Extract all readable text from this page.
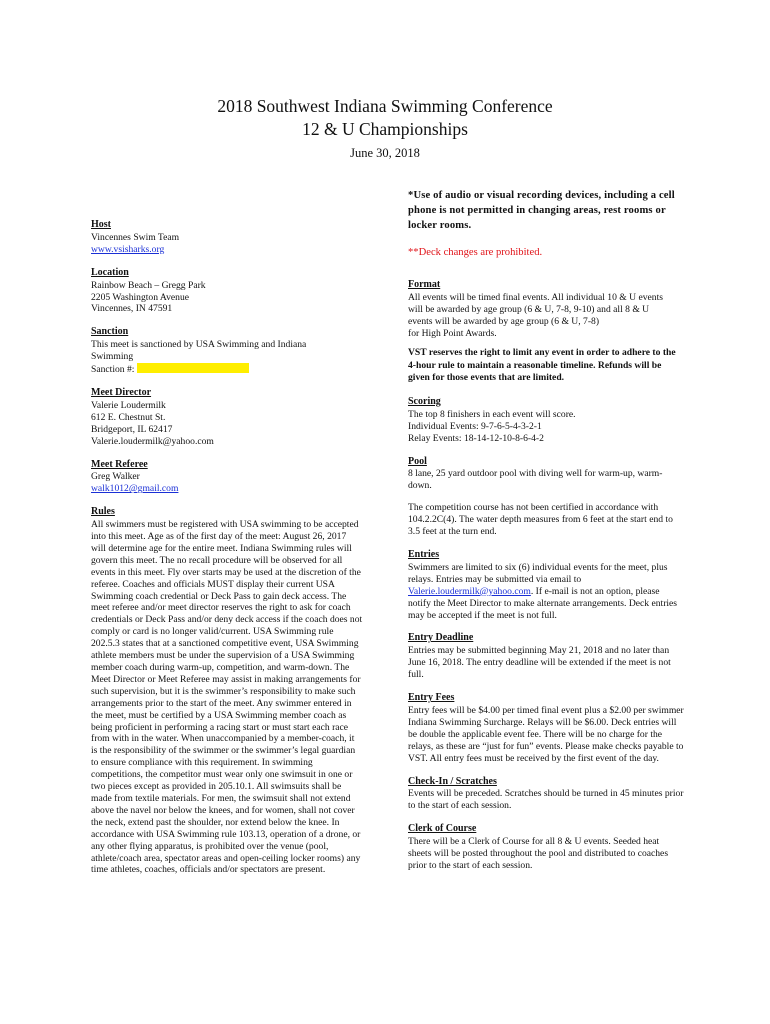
2018 Southwest Indiana Swimming Conference
12 & U Championships
June 30, 2018
Host
Vincennes Swim Team
www.vsisharks.org
Location
Rainbow Beach – Gregg Park
2205 Washington Avenue
Vincennes, IN 47591
Sanction
This meet is sanctioned by USA Swimming and Indiana Swimming
Sanction #:
Meet Director
Valerie Loudermilk
612 E. Chestnut St.
Bridgeport, IL 62417
Valerie.loudermilk@yahoo.com
Meet Referee
Greg Walker
walk1012@gmail.com
Rules
All swimmers must be registered with USA swimming to be accepted into this meet. Age as of the first day of the meet: August 26, 2017 will determine age for the entire meet. Indiana Swimming rules will govern this meet. The no recall procedure will be observed for all events in this meet. Fly over starts may be used at the discretion of the referee. Coaches and officials MUST display their current USA Swimming coach credential or Deck Pass to gain deck access. The meet referee and/or meet director reserves the right to ask for coach credentials or Deck Pass and/or deny deck access if the coach does not comply or card is no longer valid/current. USA Swimming rule 202.5.3 states that at a sanctioned competitive event, USA Swimming athlete members must be under the supervision of a USA Swimming member coach during warm-up, competition, and warm-down. The Meet Director or Meet Referee may assist in making arrangements for such supervision, but it is the swimmer’s responsibility to make such arrangements prior to the start of the meet. Any swimmer entered in the meet, must be certified by a USA Swimming member coach as being proficient in performing a racing start or must start each race from with in the water. When unaccompanied by a member-coach, it is the responsibility of the swimmer or the swimmer’s legal guardian to ensure compliance with this requirement. In swimming competitions, the competitor must wear only one swimsuit in one or two pieces except as provided in 205.10.1. All swimsuits shall be made from textile materials. For men, the swimsuit shall not extend above the navel nor below the knees, and for women, shall not cover the neck, extend past the shoulder, nor extend below the knee. In accordance with USA Swimming rule 103.13, operation of a drone, or any other flying apparatus, is prohibited over the venue (pool, athlete/coach area, spectator areas and open-ceiling locker rooms) any time athletes, coaches, officials and/or spectators are present.
*Use of audio or visual recording devices, including a cell phone is not permitted in changing areas, rest rooms or locker rooms.
**Deck changes are prohibited.
Format
All events will be timed final events. All individual 10 & U events
will be awarded by age group (6 & U, 7-8, 9-10) and all 8 & U
events will be awarded by age group (6 & U, 7-8)
for High Point Awards.
VST reserves the right to limit any event in order to adhere to the 4-hour rule to maintain a reasonable timeline. Refunds will be given for those events that are limited.
Scoring
The top 8 finishers in each event will score.
Individual Events: 9-7-6-5-4-3-2-1
Relay Events: 18-14-12-10-8-6-4-2
Pool
8 lane, 25 yard outdoor pool with diving well for warm-up, warm-down.
The competition course has not been certified in accordance with 104.2.2C(4). The water depth measures from 6 feet at the start end to 3.5 feet at the turn end.
Entries
Swimmers are limited to six (6) individual events for the meet, plus relays. Entries may be submitted via email to Valerie.loudermilk@yahoo.com. If e-mail is not an option, please notify the Meet Director to make alternate arrangements. Deck entries may be accepted if the meet is not full.
Entry Deadline
Entries may be submitted beginning May 21, 2018 and no later than June 16, 2018. The entry deadline will be extended if the meet is not full.
Entry Fees
Entry fees will be $4.00 per timed final event plus a $2.00 per swimmer Indiana Swimming Surcharge. Relays will be $6.00. Deck entries will be double the applicable event fee. There will be no charge for the relays, as these are “just for fun” events. Please make checks payable to VST. All entry fees must be received by the first event of the day.
Check-In / Scratches
Events will be preceded. Scratches should be turned in 45 minutes prior to the start of each session.
Clerk of Course
There will be a Clerk of Course for all 8 & U events. Seeded heat sheets will be posted throughout the pool and distributed to coaches prior to the start of each session.
